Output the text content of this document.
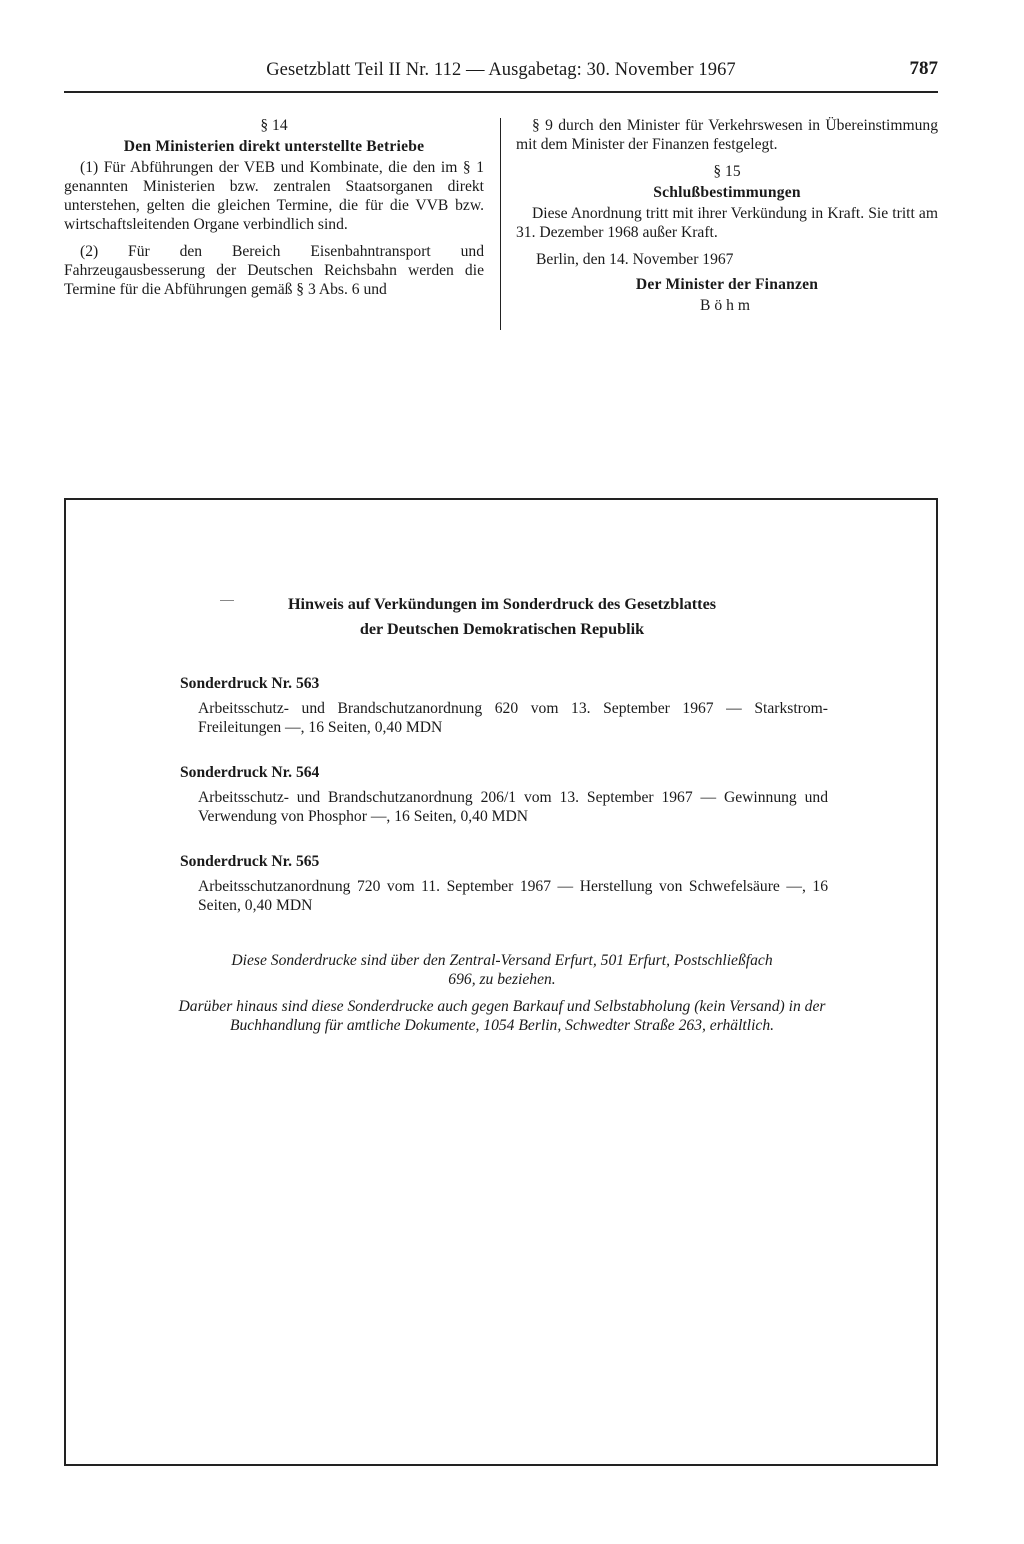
Gesetzblatt Teil II Nr. 112 — Ausgabetag: 30. November 1967	787

§ 14

Den Ministerien direkt unterstellte Betriebe

(1) Für Abführungen der VEB und Kombinate, die den im § 1 genannten Ministerien bzw. zentralen Staatsorganen direkt unterstehen, gelten die gleichen Termine, die für die VVB bzw. wirtschaftsleitenden Organe verbindlich sind.

(2) Für den Bereich Eisenbahntransport und Fahrzeugausbesserung der Deutschen Reichsbahn werden die Termine für die Abführungen gemäß § 3 Abs. 6 und

§ 9 durch den Minister für Verkehrswesen in Übereinstimmung mit dem Minister der Finanzen festgelegt.

§ 15

Schlußbestimmungen

Diese Anordnung tritt mit ihrer Verkündung in Kraft. Sie tritt am 31. Dezember 1968 außer Kraft.

Berlin, den 14. November 1967

Der Minister der Finanzen

Böhm

Hinweis auf Verkündungen im Sonderdruck des Gesetzblattes
der Deutschen Demokratischen Republik

Sonderdruck Nr. 563

Arbeitsschutz- und Brandschutzanordnung 620 vom 13. September 1967 — Starkstrom-Freileitungen —, 16 Seiten, 0,40 MDN

Sonderdruck Nr. 564

Arbeitsschutz- und Brandschutzanordnung 206/1 vom 13. September 1967 — Gewinnung und Verwendung von Phosphor —, 16 Seiten, 0,40 MDN

Sonderdruck Nr. 565

Arbeitsschutzanordnung 720 vom 11. September 1967 — Herstellung von Schwefelsäure —, 16 Seiten, 0,40 MDN

Diese Sonderdrucke sind über den Zentral-Versand Erfurt, 501 Erfurt, Postschließfach 696, zu beziehen.

Darüber hinaus sind diese Sonderdrucke auch gegen Barkauf und Selbstabholung (kein Versand) in der Buchhandlung für amtliche Dokumente, 1054 Berlin, Schwedter Straße 263, erhältlich.
